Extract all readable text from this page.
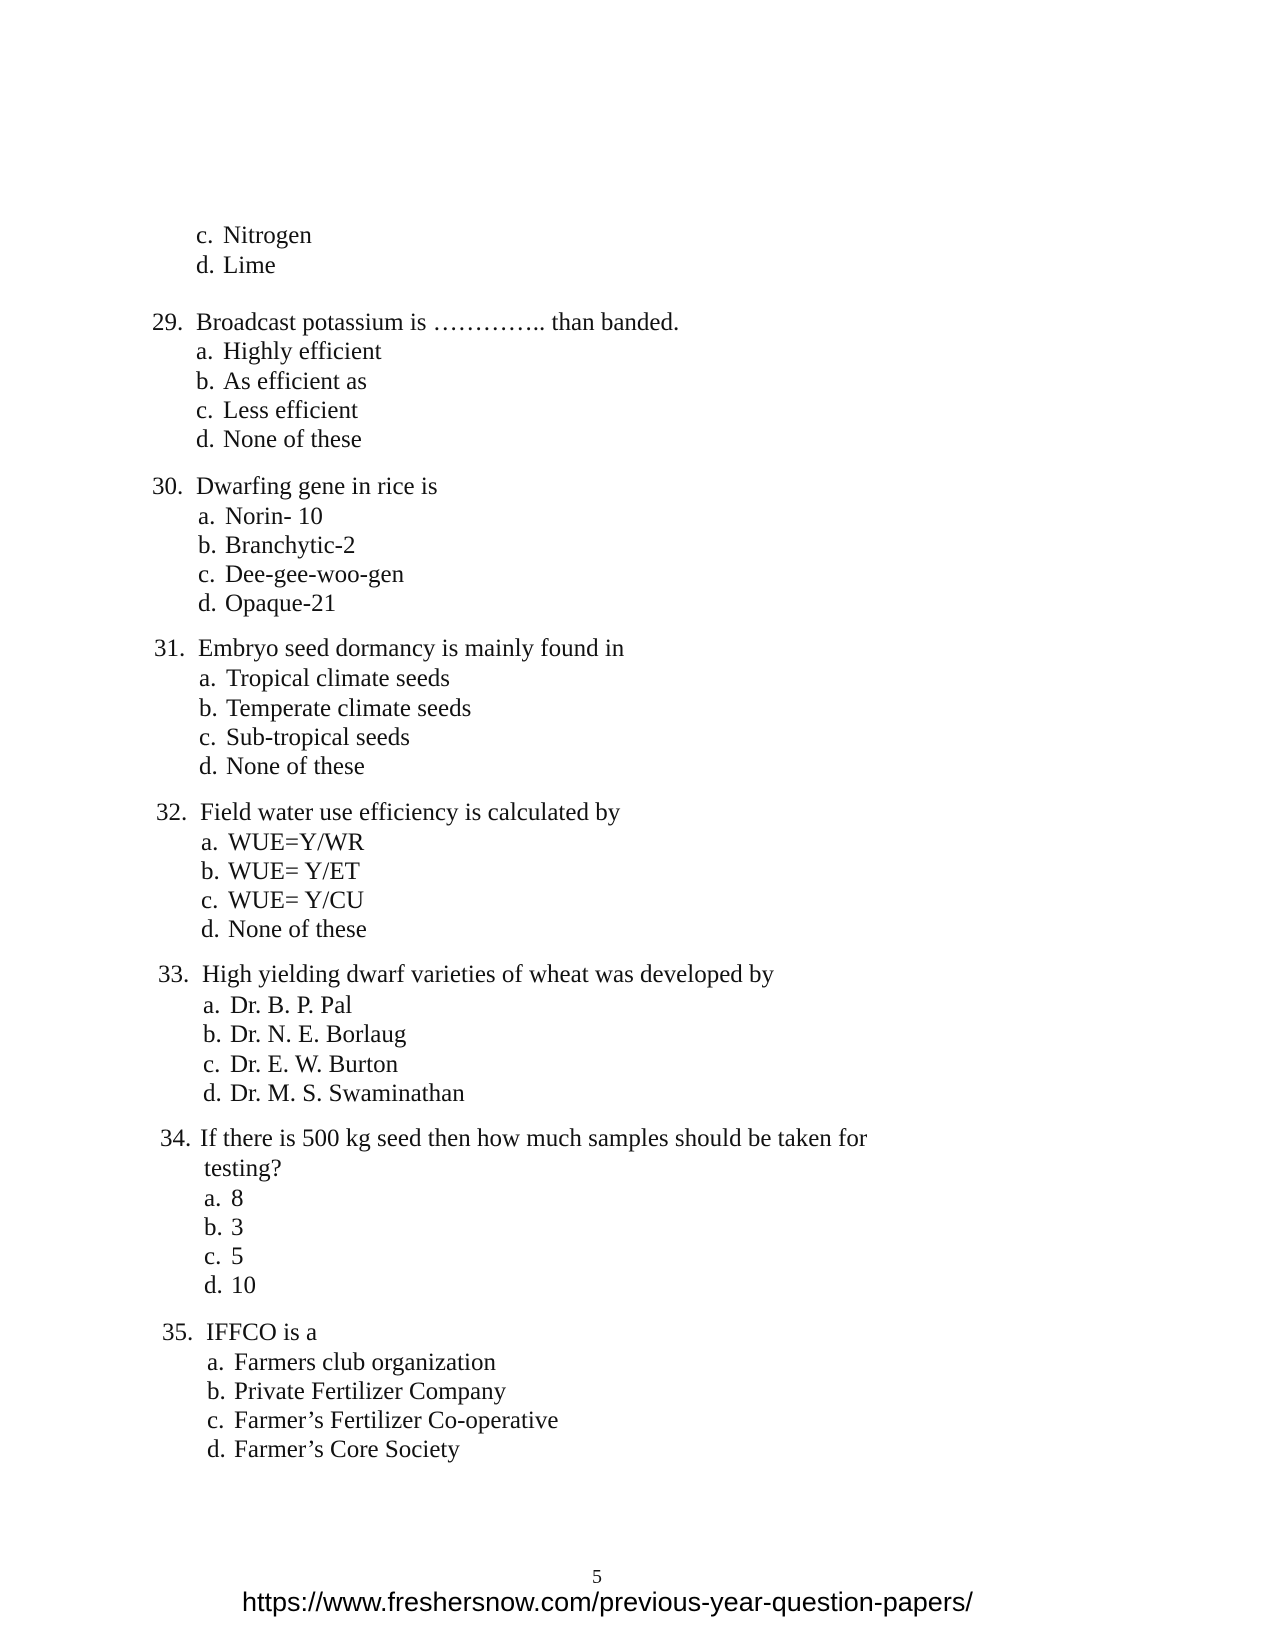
c. Nitrogen
d. Lime
29. Broadcast potassium is ………….. than banded.
a. Highly efficient
b. As efficient as
c. Less efficient
d. None of these
30. Dwarfing gene in rice is
a. Norin- 10
b. Branchytic-2
c. Dee-gee-woo-gen
d. Opaque-21
31. Embryo seed dormancy is mainly found in
a. Tropical climate seeds
b. Temperate climate seeds
c. Sub-tropical seeds
d. None of these
32. Field water use efficiency is calculated by
a. WUE=Y/WR
b. WUE= Y/ET
c. WUE= Y/CU
d. None of these
33. High yielding dwarf varieties of wheat was developed by
a. Dr. B. P. Pal
b. Dr. N. E. Borlaug
c. Dr. E. W. Burton
d. Dr. M. S. Swaminathan
34. If there is 500 kg seed then how much samples should be taken for
testing?
a. 8
b. 3
c. 5
d. 10
35. IFFCO is a
a. Farmers club organization
b. Private Fertilizer Company
c. Farmer’s Fertilizer Co-operative
d. Farmer’s Core Society
5
https://www.freshersnow.com/previous-year-question-papers/
